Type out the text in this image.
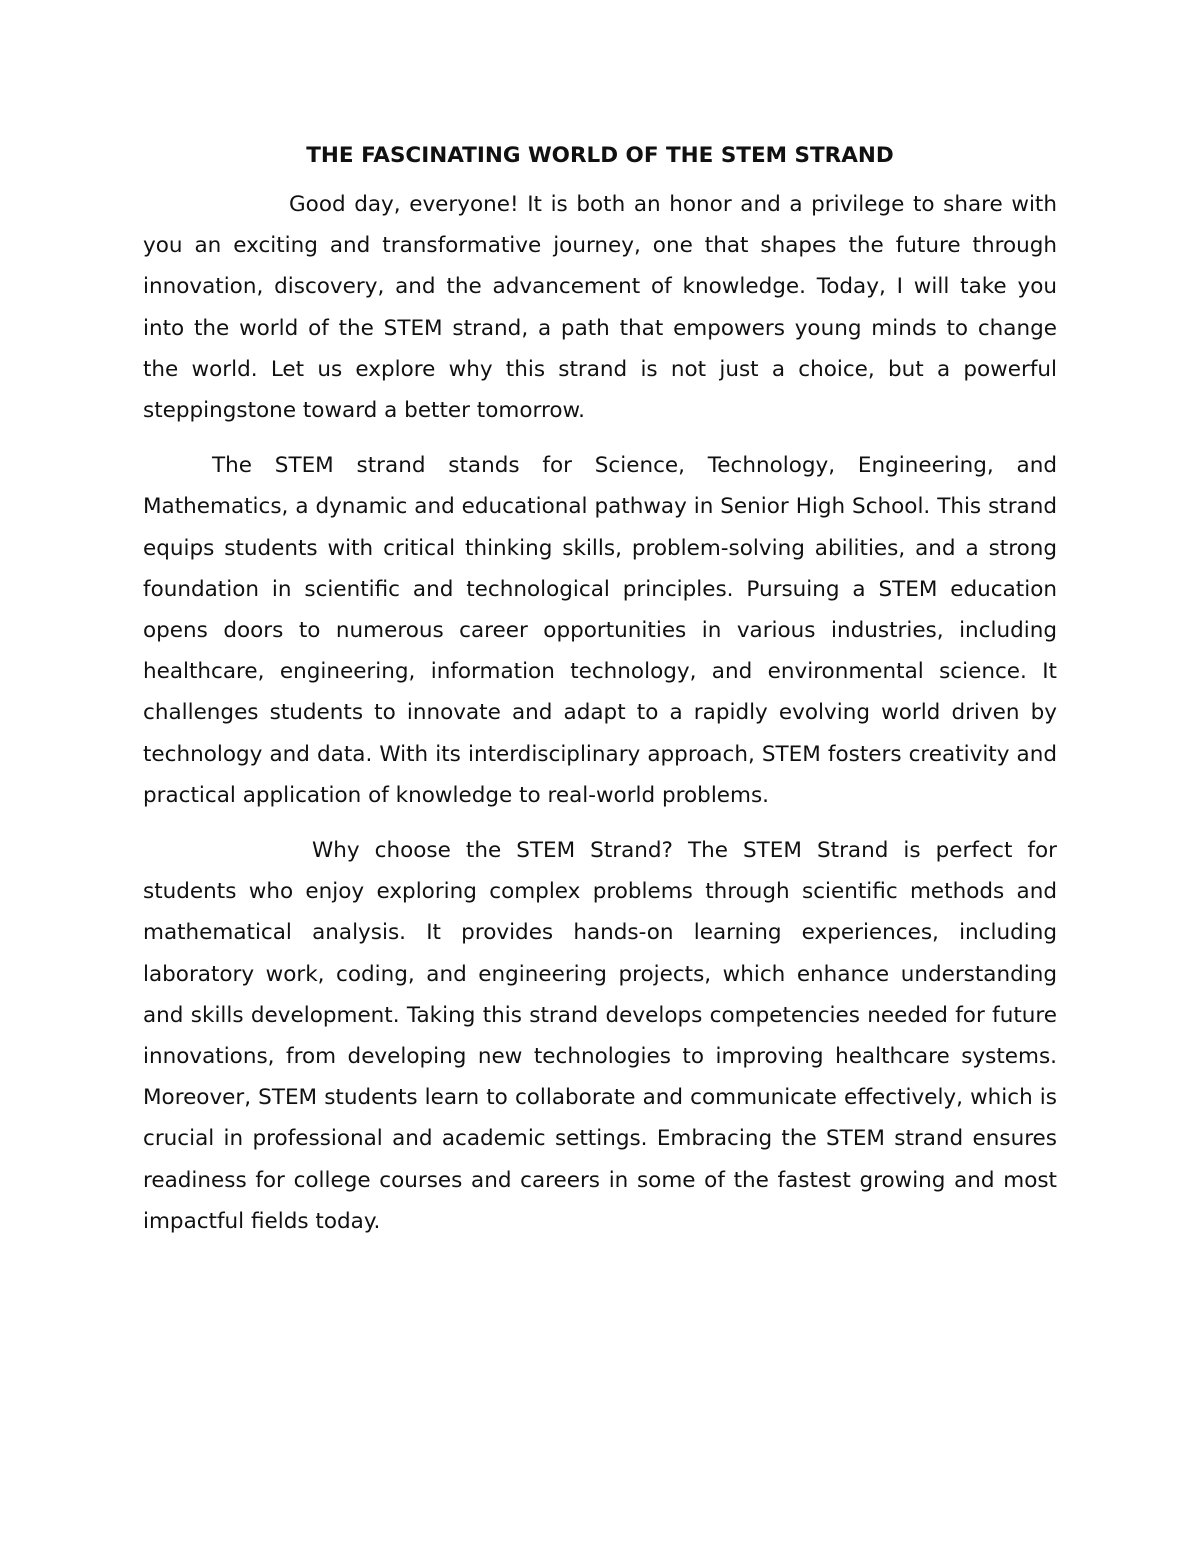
THE FASCINATING WORLD OF THE STEM STRAND

Good day, everyone! It is both an honor and a privilege to share with you an exciting and transformative journey, one that shapes the future through innovation, discovery, and the advancement of knowledge. Today, I will take you into the world of the STEM strand, a path that empowers young minds to change the world. Let us explore why this strand is not just a choice, but a powerful steppingstone toward a better tomorrow.

The STEM strand stands for Science, Technology, Engineering, and Mathematics, a dynamic and educational pathway in Senior High School. This strand equips students with critical thinking skills, problem-solving abilities, and a strong foundation in scientific and technological principles. Pursuing a STEM education opens doors to numerous career opportunities in various industries, including healthcare, engineering, information technology, and environmental science. It challenges students to innovate and adapt to a rapidly evolving world driven by technology and data. With its interdisciplinary approach, STEM fosters creativity and practical application of knowledge to real-world problems.

Why choose the STEM Strand? The STEM Strand is perfect for students who enjoy exploring complex problems through scientific methods and mathematical analysis. It provides hands-on learning experiences, including laboratory work, coding, and engineering projects, which enhance understanding and skills development. Taking this strand develops competencies needed for future innovations, from developing new technologies to improving healthcare systems. Moreover, STEM students learn to collaborate and communicate effectively, which is crucial in professional and academic settings. Embracing the STEM strand ensures readiness for college courses and careers in some of the fastest growing and most impactful fields today.
